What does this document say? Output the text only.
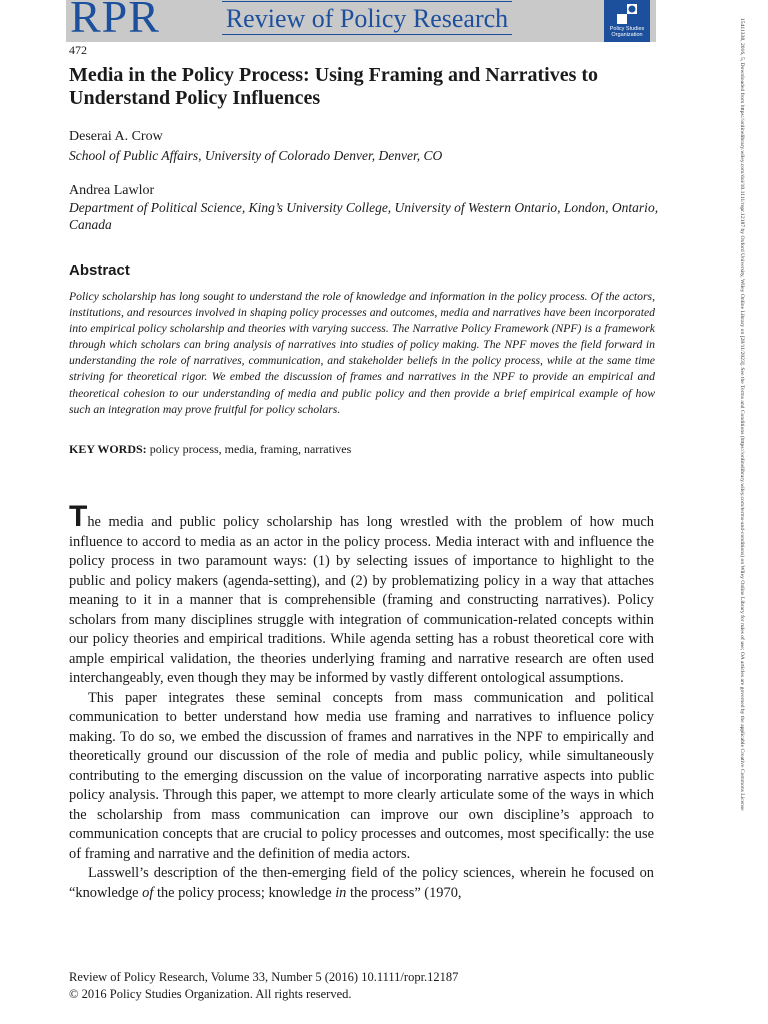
RPR	Review of Policy Research	Policy Studies Organization
472
Media in the Policy Process: Using Framing and Narratives to Understand Policy Influences
Deserai A. Crow
School of Public Affairs, University of Colorado Denver, Denver, CO
Andrea Lawlor
Department of Political Science, King’s University College, University of Western Ontario, London, Ontario, Canada
Abstract
Policy scholarship has long sought to understand the role of knowledge and information in the policy process. Of the actors, institutions, and resources involved in shaping policy processes and outcomes, media and narratives have been incorporated into empirical policy scholarship and theories with varying success. The Narrative Policy Framework (NPF) is a framework through which scholars can bring analysis of narratives into studies of policy making. The NPF moves the field forward in understanding the role of narratives, communication, and stakeholder beliefs in the policy process, while at the same time striving for theoretical rigor. We embed the discussion of frames and narratives in the NPF to provide an empirical and theoretical cohesion to our understanding of media and public policy and then provide a brief empirical example of how such an integration may prove fruitful for policy scholars.
KEY WORDS: policy process, media, framing, narratives

The media and public policy scholarship has long wrestled with the problem of how much influence to accord to media as an actor in the policy process. Media interact with and influence the policy process in two paramount ways: (1) by selecting issues of importance to highlight to the public and policy makers (agenda-setting), and (2) by problematizing policy in a way that attaches meaning to it in a manner that is comprehensible (framing and constructing narratives). Policy scholars from many disciplines struggle with integration of communication-related concepts within our policy theories and empirical traditions. While agenda setting has a robust theoretical core with ample empirical validation, the theories underlying framing and narrative research are often used interchangeably, even though they may be informed by vastly different ontological assumptions.

This paper integrates these seminal concepts from mass communication and political communication to better understand how media use framing and narratives to influence policy making. To do so, we embed the discussion of frames and narratives in the NPF to empirically and theoretically ground our discussion of the role of media and public policy, while simultaneously contributing to the emerging discussion on the value of incorporating narrative aspects into public policy analysis. Through this paper, we attempt to more clearly articulate some of the ways in which the scholarship from mass communication can improve our own discipline’s approach to communication concepts that are crucial to policy processes and outcomes, most specifically: the use of framing and narrative and the definition of media actors.

Lasswell’s description of the then-emerging field of the policy sciences, wherein he focused on “knowledge of the policy process; knowledge in the process” (1970,

Review of Policy Research, Volume 33, Number 5 (2016) 10.1111/ropr.12187
© 2016 Policy Studies Organization. All rights reserved.
15411338, 2016, 5, Downloaded from https://onlinelibrary.wiley.com/doi/10.1111/ropr.12187 by Oxford University, Wiley Online Library on [28/11/2023]. See the Terms and Conditions (https://onlinelibrary.wiley.com/terms-and-conditions) on Wiley Online Library for rules of use; OA articles are governed by the applicable Creative Commons License
